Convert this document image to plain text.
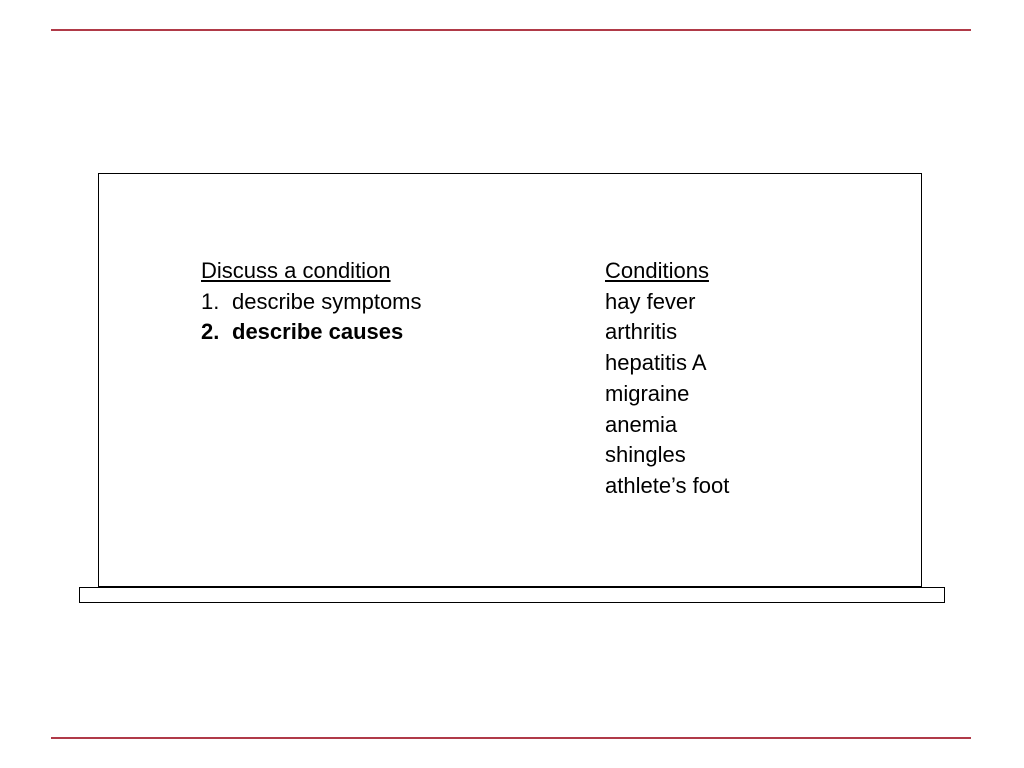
Discuss a condition
1. describe symptoms
2. describe causes
Conditions
hay fever
arthritis
hepatitis A
migraine
anemia
shingles
athlete’s foot
